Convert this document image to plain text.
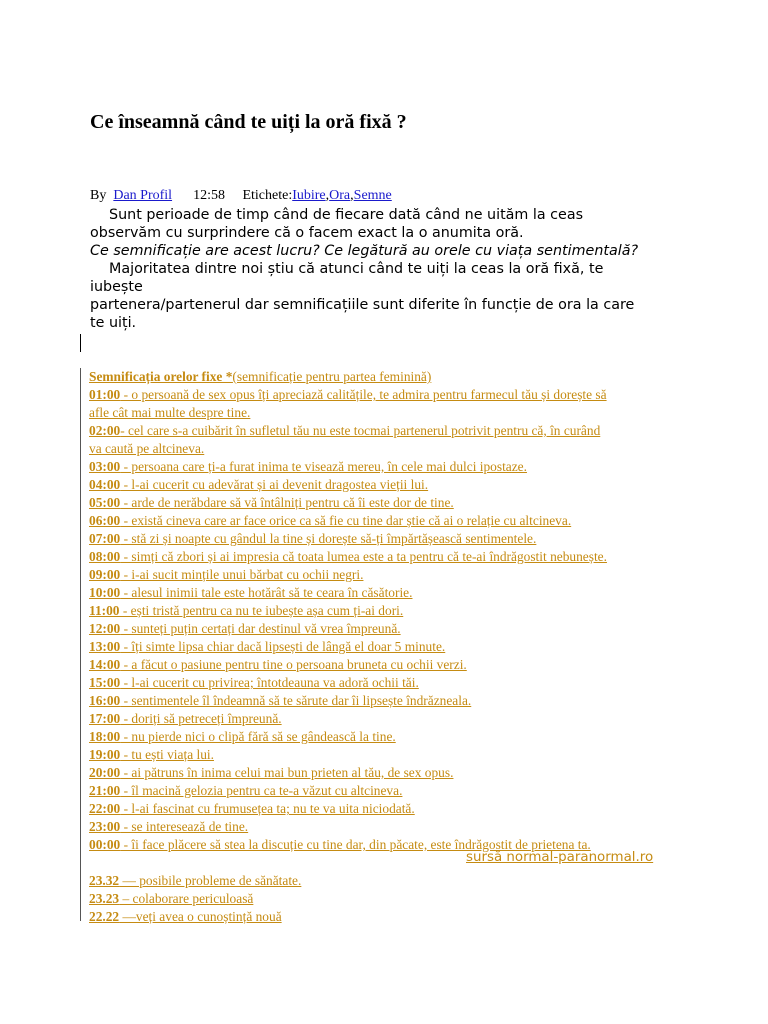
Ce înseamnă când te uiți la oră fixă ?
By Dan Profil 12:58 Etichete:Iubire,Ora,Semne

Sunt perioade de timp când de fiecare dată când ne uităm la ceas

observăm cu surprindere că o facem exact la o anumita oră.

Ce semnificație are acest lucru? Ce legătură au orele cu viața sentimentală?

Majoritatea dintre noi știu că atunci când te uiți la ceas la oră fixă, te

iubește

partenera/partenerul dar semnificațiile sunt diferite în funcție de ora la care

te uiți.

Semnificația orelor fixe *(semnificație pentru partea feminină)
01:00 - o persoană de sex opus îți apreciază calitățile, te admira pentru farmecul tău și dorește să
afle cât mai multe despre tine.
02:00- cel care s-a cuibărit în sufletul tău nu este tocmai partenerul potrivit pentru că, în curând
va caută pe altcineva.
03:00 - persoana care ți-a furat inima te visează mereu, în cele mai dulci ipostaze.
04:00 - l-ai cucerit cu adevărat și ai devenit dragostea vieții lui.
05:00 - arde de nerăbdare să vă întâlniți pentru că îi este dor de tine.
06:00 - există cineva care ar face orice ca să fie cu tine dar știe că ai o relație cu altcineva.
07:00 - stă zi și noapte cu gândul la tine și dorește să-ți împărtășească sentimentele.
08:00 - simți că zbori și ai impresia că toata lumea este a ta pentru că te-ai îndrăgostit nebunește.
09:00 - i-ai sucit mințile unui bărbat cu ochii negri.
10:00 - alesul inimii tale este hotărât să te ceara în căsătorie.
11:00 - ești tristă pentru ca nu te iubește așa cum ți-ai dori.
12:00 - sunteți puțin certați dar destinul vă vrea împreună.
13:00 - îți simte lipsa chiar dacă lipsești de lângă el doar 5 minute.
14:00 - a făcut o pasiune pentru tine o persoana bruneta cu ochii verzi.
15:00 - l-ai cucerit cu privirea; întotdeauna va adoră ochii tăi.
16:00 - sentimentele îl îndeamnă să te sărute dar îi lipsește îndrăzneala.
17:00 - doriți să petreceți împreună.
18:00 - nu pierde nici o clipă fără să se gândească la tine.
19:00 - tu ești viața lui.
20:00 - ai pătruns în inima celui mai bun prieten al tău, de sex opus.
21:00 - îl macină gelozia pentru ca te-a văzut cu altcineva.
22:00 - l-ai fascinat cu frumusețea ta; nu te va uita niciodată.
23:00 - se interesează de tine.
00:00 - îi face plăcere să stea la discuție cu tine dar, din păcate, este îndrăgostit de prietena ta.
23.32 — posibile probleme de sănătate.
23.23 – colaborare periculoasă
22.22 —veți avea o cunoștință nouă
sursă normal-paranormal.ro
